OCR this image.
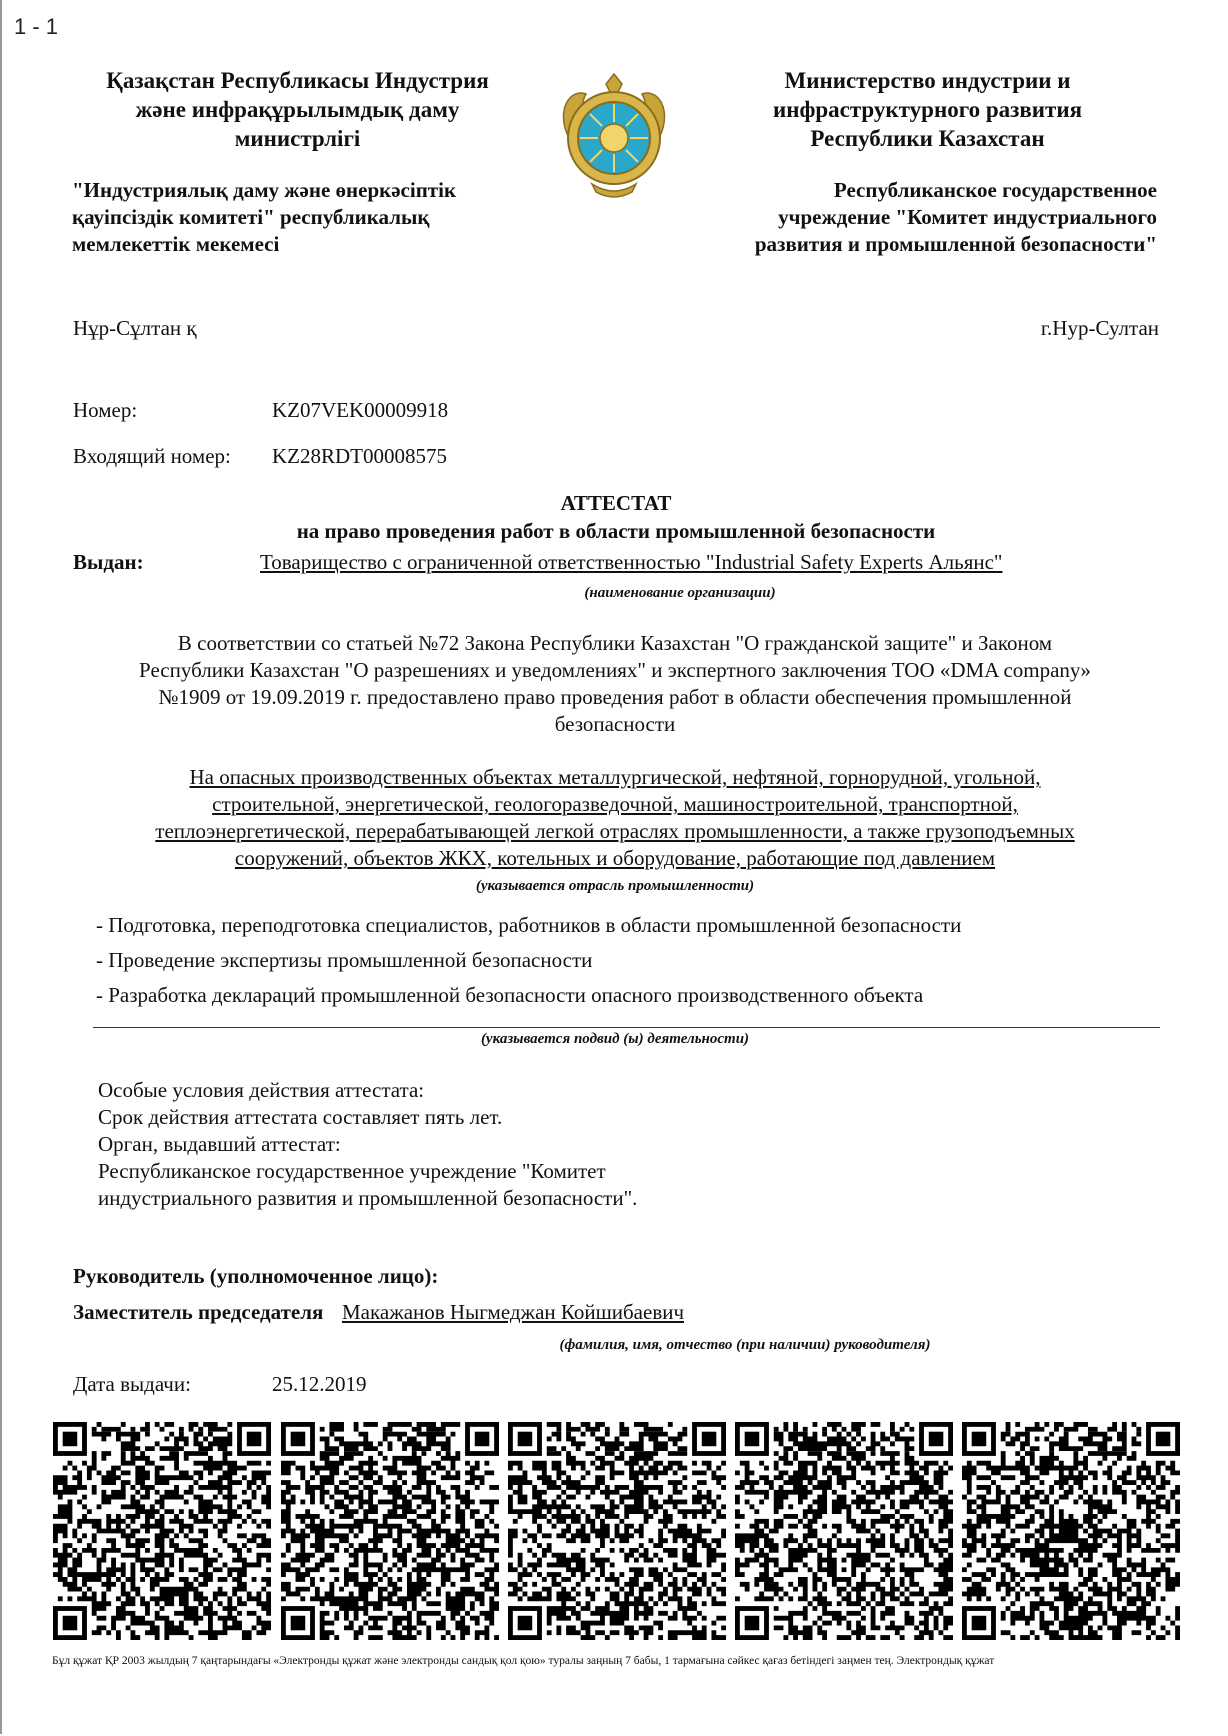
1 - 1
Қазақстан Республикасы Индустрия
және инфрақұрылымдық даму
министрлігі
"Индустриялық даму және өнеркәсіптік
қауіпсіздік комитеті" республикалық
мемлекеттік мекемесі
Министерство индустрии и
инфраструктурного развития
Республики Казахстан
Республиканское государственное
учреждение "Комитет индустриального
развития и промышленной безопасности"
Нұр-Сұлтан қ	г.Нур-Султан
Номер:	KZ07VEK00009918
Входящий номер: KZ28RDT00008575
АТТЕСТАТ
на право проведения работ в области промышленной безопасности
Выдан:	Товарищество с ограниченной ответственностью "Industrial Safety Experts Альянс"
(наименование организации)
В соответствии со статьей №72 Закона Республики Казахстан "О гражданской защите" и Законом
Республики Казахстан "О разрешениях и уведомлениях" и экспертного заключения ТОО «DMA company»
№1909 от 19.09.2019 г. предоставлено право проведения работ в области обеспечения промышленной
безопасности
На опасных производственных объектах металлургической, нефтяной, горнорудной, угольной,
строительной, энергетической, геологоразведочной, машиностроительной, транспортной,
теплоэнергетической, перерабатывающей легкой отраслях промышленности, а также грузоподъемных
сооружений, объектов ЖКХ, котельных и оборудование, работающие под давлением
(указывается отрасль промышленности)
- Подготовка, переподготовка специалистов, работников в области промышленной безопасности
- Проведение экспертизы промышленной безопасности
- Разработка деклараций промышленной безопасности опасного производственного объекта
(указывается подвид (ы) деятельности)
Особые условия действия аттестата:
Срок действия аттестата составляет пять лет.
Орган, выдавший аттестат:
Республиканское государственное учреждение "Комитет
индустриального развития и промышленной безопасности".
Руководитель (уполномоченное лицо):
Заместитель председателя Макажанов Ныгмеджан Койшибаевич
(фамилия, имя, отчество (при наличии) руководителя)
Дата выдачи:	25.12.2019
Бұл құжат ҚР 2003 жылдың 7 қаңтарындағы «Электронды құжат және электронды сандық қол қою» туралы заңның 7 бабы, 1 тармағына сәйкес қағаз бетіндегі заңмен тең. Электрондық құжат
